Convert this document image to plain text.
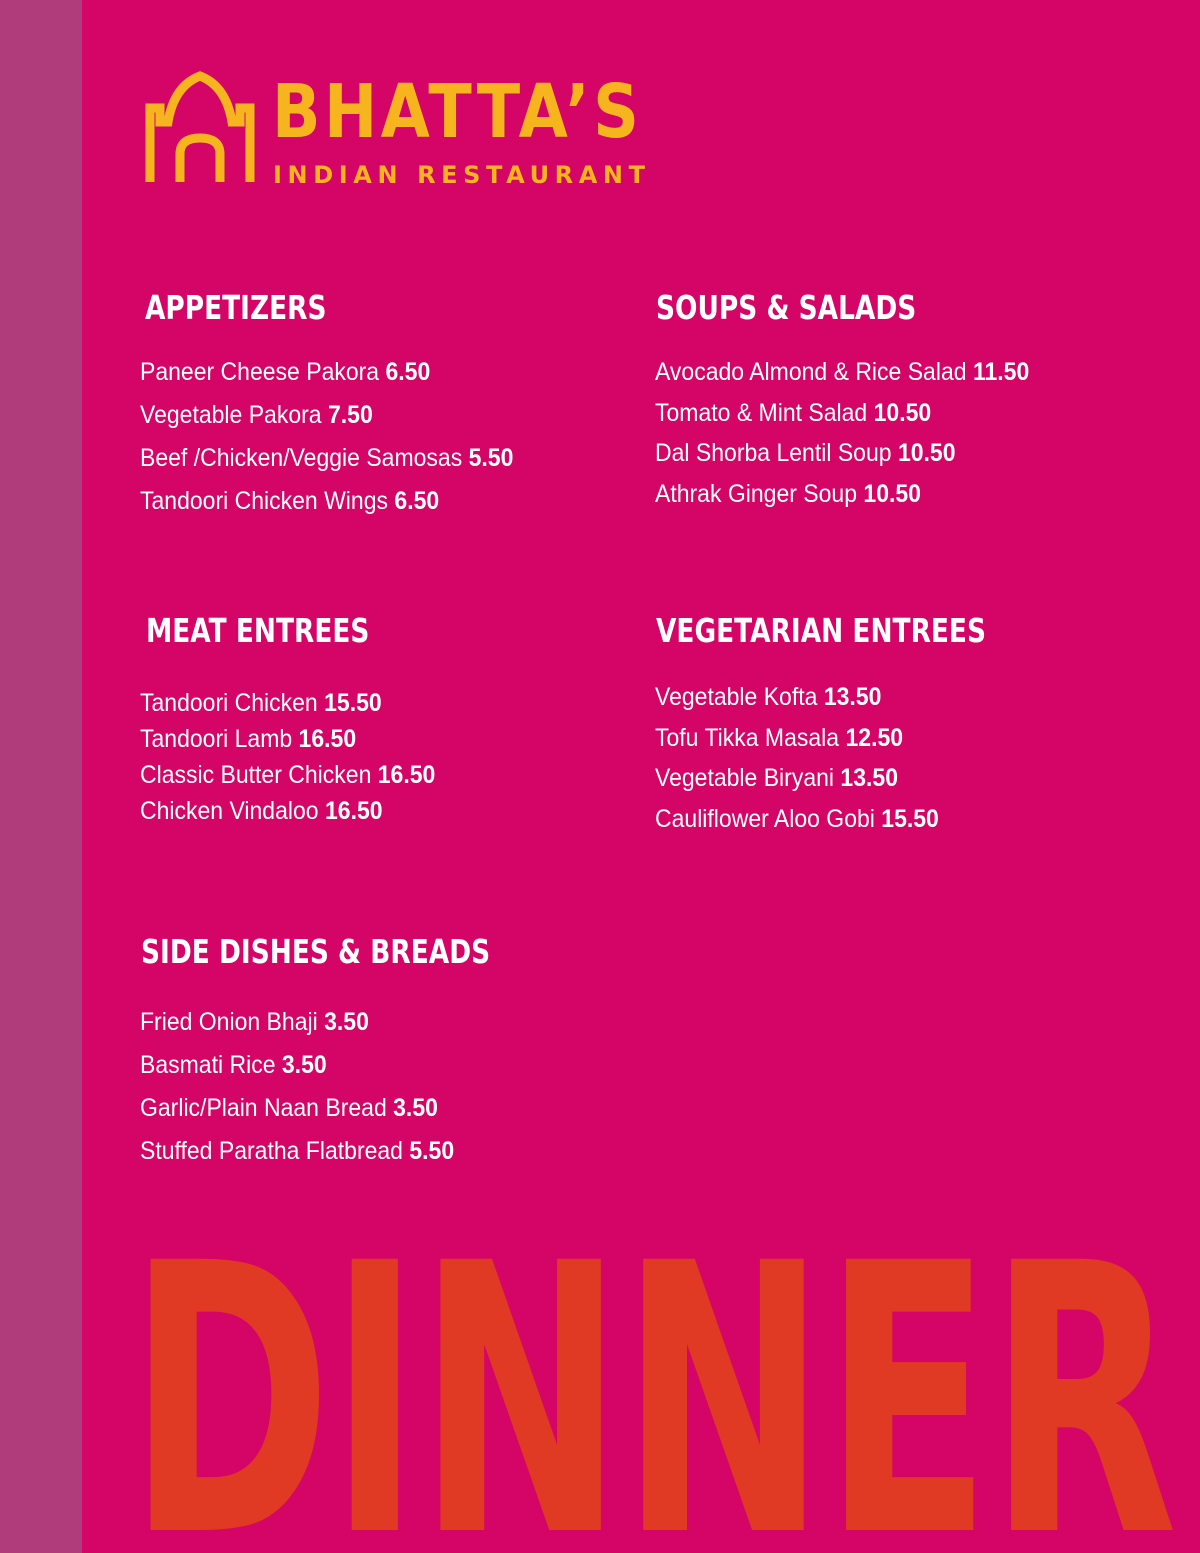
BHATTA’S
INDIAN RESTAURANT
APPETIZERS
Paneer Cheese Pakora 6.50
Vegetable Pakora 7.50
Beef /Chicken/Veggie Samosas 5.50
Tandoori Chicken Wings 6.50
SOUPS & SALADS
Avocado Almond & Rice Salad 11.50
Tomato & Mint Salad 10.50
Dal Shorba Lentil Soup 10.50
Athrak Ginger Soup 10.50
MEAT ENTREES
Tandoori Chicken 15.50
Tandoori Lamb 16.50
Classic Butter Chicken 16.50
Chicken Vindaloo 16.50
VEGETARIAN ENTREES
Vegetable Kofta 13.50
Tofu Tikka Masala 12.50
Vegetable Biryani 13.50
Cauliflower Aloo Gobi 15.50
SIDE DISHES & BREADS
Fried Onion Bhaji 3.50
Basmati Rice 3.50
Garlic/Plain Naan Bread 3.50
Stuffed Paratha Flatbread 5.50
DINNER
